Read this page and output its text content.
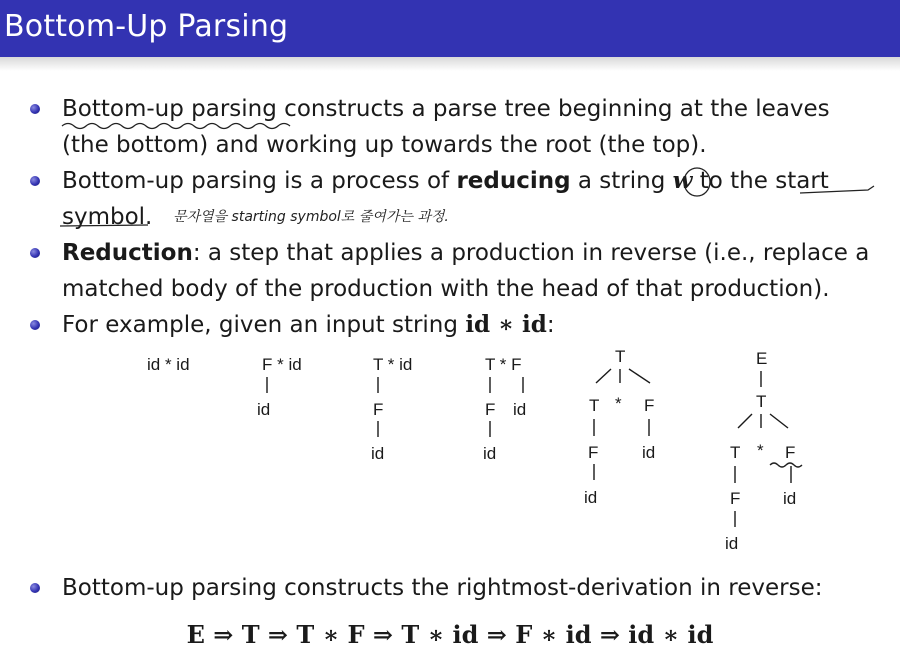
Bottom-Up Parsing
Bottom-up parsing constructs a parse tree beginning at the leaves
(the bottom) and working up towards the root (the top).
Bottom-up parsing is a process of reducing a string w to the start
symbol. 문자열을 starting symbol로 줄여가는 과정.
Reduction: a step that applies a production in reverse (i.e., replace a
matched body of the production with the head of that production).
For example, given an input string id ∗ id:
id * id	F * id
id
T * id
F
id
T * F
F id
id
T
T * F
F	id
id
E
T
T * F
F	id
id
Bottom-up parsing constructs the rightmost-derivation in reverse:
E ⇒ T ⇒ T ∗ F ⇒ T ∗ id ⇒ F ∗ id ⇒ id ∗ id
